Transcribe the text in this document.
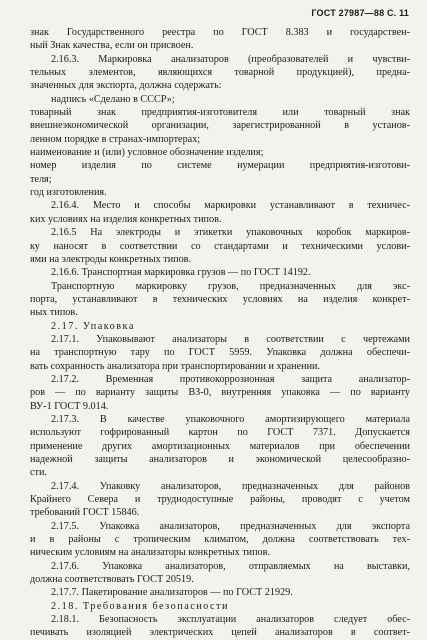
ГОСТ 27987—88 С. 11
знак Государственного реестра по ГОСТ 8.383 и государствен-
ный Знак качества, если он присвоен.
2.16.3. Маркировка анализаторов (преобразователей и чувстви-
тельных элементов, являющихся товарной продукцией), предна-
значенных для экспорта, должна содержать:
надпись «Сделано в СССР»;
товарный знак предприятия-изготовителя или товарный знак
внешнеэкономической организации, зарегистрированной в установ-
ленном порядке в странах-импортерах;
наименование и (или) условное обозначение изделия;
номер изделия по системе нумерации предприятия-изготови-
теля;
год изготовления.
2.16.4. Место и способы маркировки устанавливают в техничес-
ких условиях на изделия конкретных типов.
2.16.5 На электроды и этикетки упаковочных коробок маркиров-
ку наносят в соответствии со стандартами и техническими услови-
ями на электроды конкретных типов.
2.16.6. Транспортная маркировка грузов — по ГОСТ 14192.
Транспортную маркировку грузов, предназначенных для экс-
порта, устанавливают в технических условиях на изделия конкрет-
ных типов.
2.17. Упаковка
2.17.1. Упаковывают анализаторы в соответствии с чертежами
на транспортную тару по ГОСТ 5959. Упаковка должна обеспечи-
вать сохранность анализатора при транспортировании и хранении.
2.17.2. Временная противокоррозионная защита анализатор-
ров — по варианту защиты ВЗ-0, внутренняя упаковка — по варианту
ВУ-1 ГОСТ 9.014.
2.17.3. В качестве упаковочного амортизирующего материала
используют гофрированный картон по ГОСТ 7371. Допускается
применение других амортизационных материалов при обеспечении
надежной защиты анализаторов и экономической целесообразно-
сти.
2.17.4. Упаковку анализаторов, предназначенных для районов
Крайнего Севера и труднодоступные районы, проводят с учетом
требований ГОСТ 15846.
2.17.5. Упаковка анализаторов, предназначенных для экспорта
и в районы с тропическим климатом, должна соответствовать тех-
ническим условиям на анализаторы конкретных типов.
2.17.6. Упаковка анализаторов, отправляемых на выставки,
должна соответствовать ГОСТ 20519.
2.17.7. Пакетирование анализаторов — по ГОСТ 21929.
2.18. Требования безопасности
2.18.1. Безопасность эксплуатации анализаторов следует обес-
печивать изоляцией электрических цепей анализаторов в соответ-
